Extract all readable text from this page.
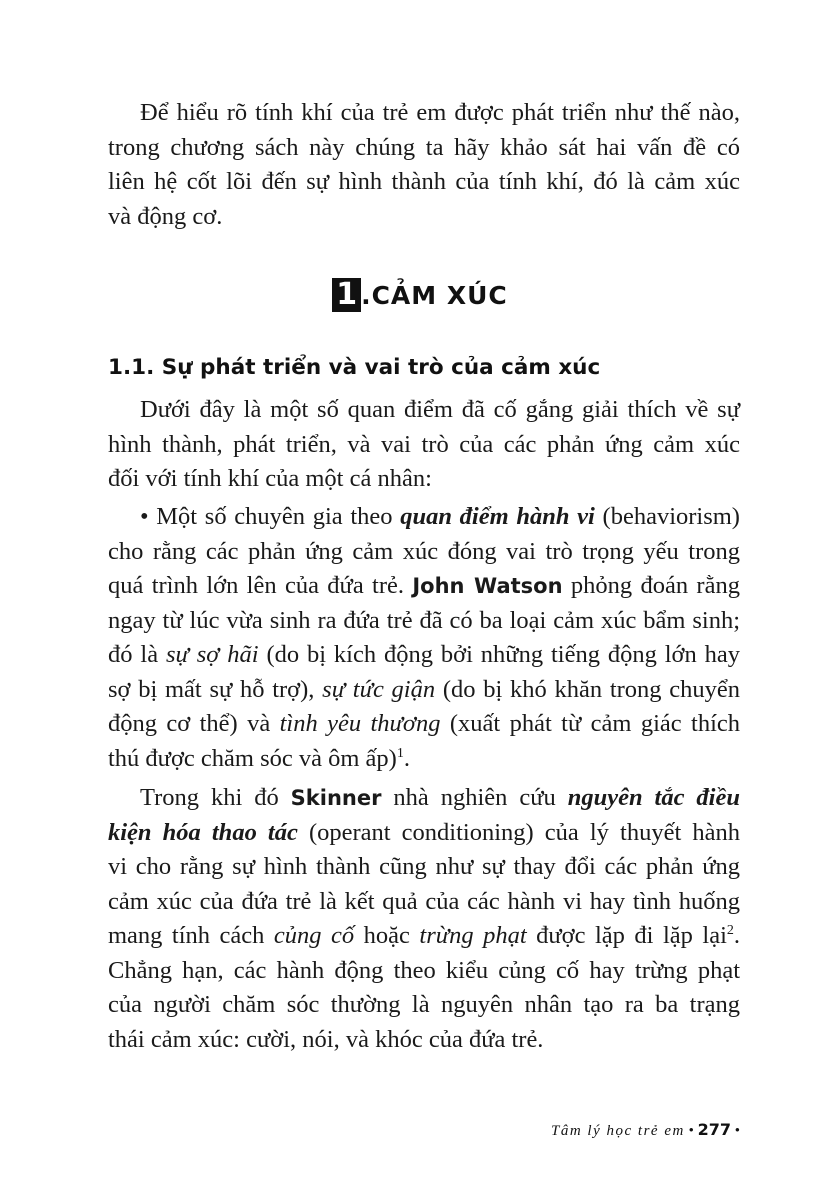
Để hiểu rõ tính khí của trẻ em được phát triển như thế nào,
trong chương sách này chúng ta hãy khảo sát hai vấn đề có
liên hệ cốt lõi đến sự hình thành của tính khí, đó là cảm xúc
và động cơ.

1 .CẢM XÚC
1.1. Sự phát triển và vai trò của cảm xúc

Dưới đây là một số quan điểm đã cố gắng giải thích về sự
hình thành, phát triển, và vai trò của các phản ứng cảm xúc
đối với tính khí của một cá nhân:

• Một số chuyên gia theo quan điểm hành vi (behaviorism)
cho rằng các phản ứng cảm xúc đóng vai trò trọng yếu trong
quá trình lớn lên của đứa trẻ. John Watson phỏng đoán rằng
ngay từ lúc vừa sinh ra đứa trẻ đã có ba loại cảm xúc bẩm sinh;
đó là sự sợ hãi (do bị kích động bởi những tiếng động lớn hay
sợ bị mất sự hỗ trợ), sự tức giận (do bị khó khăn trong chuyển
động cơ thể) và tình yêu thương (xuất phát từ cảm giác thích
thú được chăm sóc và ôm ấp)$^1$.

Trong khi đó Skinner nhà nghiên cứu nguyên tắc điều
kiện hóa thao tác (operant conditioning) của lý thuyết hành
vi cho rằng sự hình thành cũng như sự thay đổi các phản ứng
cảm xúc của đứa trẻ là kết quả của các hành vi hay tình huống
mang tính cách củng cố hoặc trừng phạt được lặp đi lặp lại$^2$.
Chẳng hạn, các hành động theo kiểu củng cố hay trừng phạt
của người chăm sóc thường là nguyên nhân tạo ra ba trạng
thái cảm xúc: cười, nói, và khóc của đứa trẻ.

Tâm lý học trẻ em • 277 •
